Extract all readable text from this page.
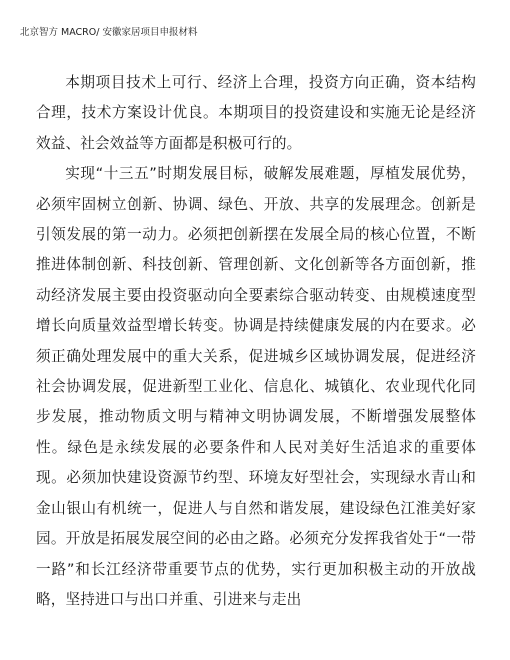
北京智方 MACRO/ 安徽家居项目申报材料

本期项目技术上可行、经济上合理，投资方向正确，资本结构合理，技术方案设计优良。本期项目的投资建设和实施无论是经济效益、社会效益等方面都是积极可行的。

实现“十三五”时期发展目标，破解发展难题，厚植发展优势，必须牢固树立创新、协调、绿色、开放、共享的发展理念。创新是引领发展的第一动力。必须把创新摆在发展全局的核心位置，不断推进体制创新、科技创新、管理创新、文化创新等各方面创新，推动经济发展主要由投资驱动向全要素综合驱动转变、由规模速度型增长向质量效益型增长转变。协调是持续健康发展的内在要求。必须正确处理发展中的重大关系，促进城乡区域协调发展，促进经济社会协调发展，促进新型工业化、信息化、城镇化、农业现代化同步发展，推动物质文明与精神文明协调发展，不断增强发展整体性。绿色是永续发展的必要条件和人民对美好生活追求的重要体现。必须加快建设资源节约型、环境友好型社会，实现绿水青山和金山银山有机统一，促进人与自然和谐发展，建设绿色江淮美好家园。开放是拓展发展空间的必由之路。必须充分发挥我省处于“一带一路”和长江经济带重要节点的优势，实行更加积极主动的开放战略，坚持进口与出口并重、引进来与走出
